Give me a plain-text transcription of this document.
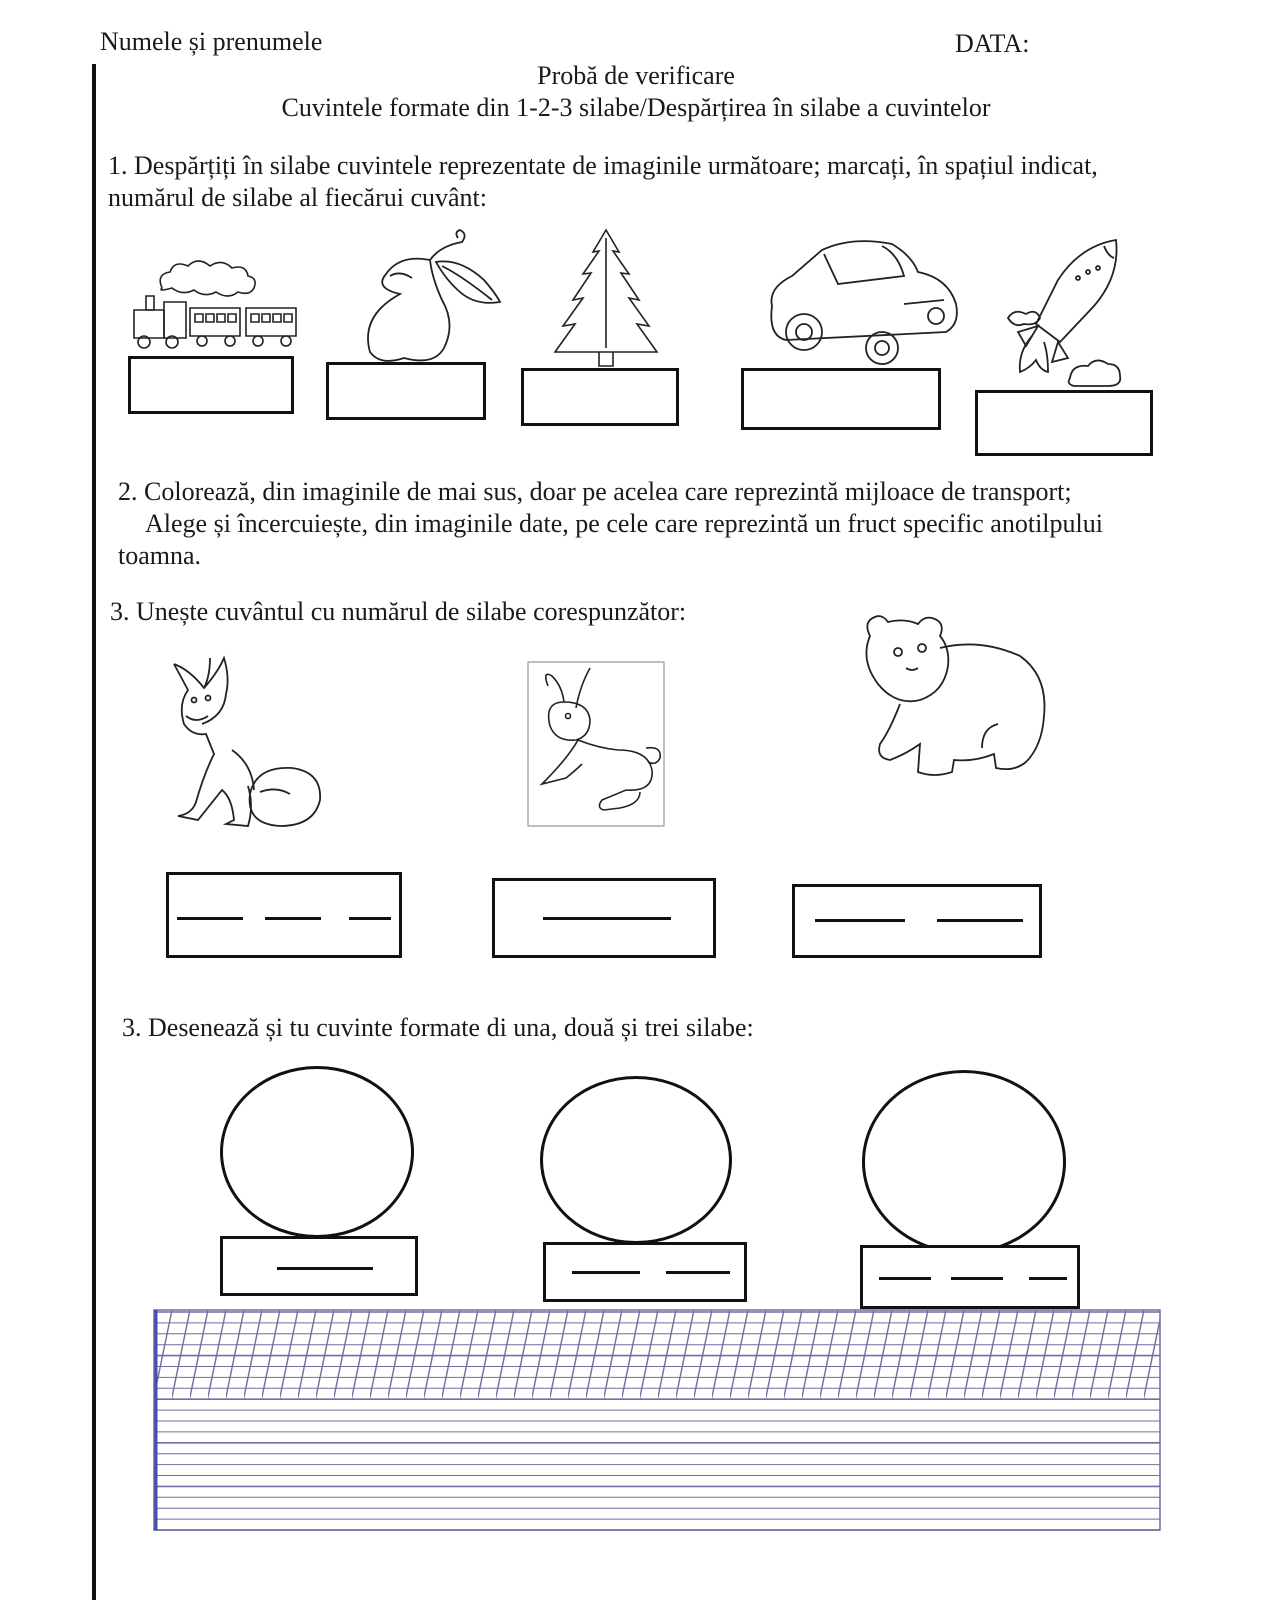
Numele și prenumele	DATA:
Probă de verificare
Cuvintele formate din 1-2-3 silabe/Despărțirea în silabe a cuvintelor
1. Despărțiți în silabe cuvintele reprezentate de imaginile următoare; marcați, în spațiul indicat,
numărul de silabe al fiecărui cuvânt:
2. Colorează, din imaginile de mai sus, doar pe acelea care reprezintă mijloace de transport;
Alege și încercuiește, din imaginile date, pe cele care reprezintă un fruct specific anotilpului
toamna.
3. Unește cuvântul cu numărul de silabe corespunzător:
3. Desenează și tu cuvinte formate di una, două și trei silabe:
